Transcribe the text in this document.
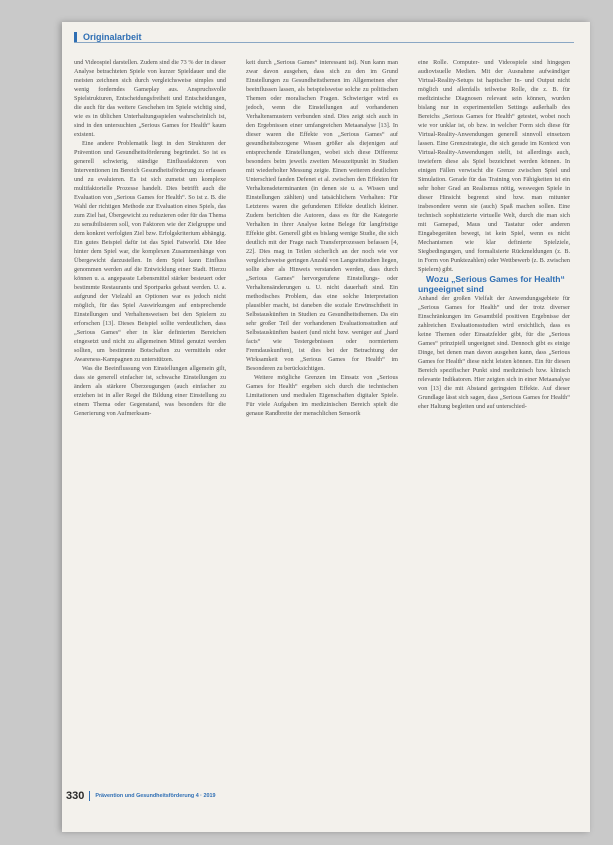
Originalarbeit

und Videospiel darstellen. Zudem sind die 73 % der in dieser Analyse betrachteten Spiele von kurzer Spieldauer und die meisten zeichnen sich durch vergleichsweise simples und wenig forderndes Gameplay aus. Anspruchsvolle Spielstrukturen, Entscheidungsfreiheit und Entscheidungen, die auch für das weitere Geschehen im Spiele wichtig sind, wie es in üblichen Unterhaltungsspielen wahrscheinlich ist, sind in den untersuchten „Serious Games for Health“ kaum existent.

Eine andere Problematik liegt in den Strukturen der Prävention und Gesundheitsförderung begründet. So ist es generell schwierig, ständige Einflussfaktoren von Interventionen im Bereich Gesundheitsförderung zu erfassen und zu evaluieren. Es ist sich zumeist um komplexe multifaktorielle Prozesse handelt. Dies betrifft auch die Evaluation von „Serious Games for Health“. So ist z. B. die Wahl der richtigen Methode zur Evaluation eines Spiels, das zum Ziel hat, Übergewicht zu reduzieren oder für das Thema zu sensibilisieren soll, von Faktoren wie der Zielgruppe und dem konkret verfolgten Ziel bzw. Erfolgskriterium abhängig. Ein gutes Beispiel dafür ist das Spiel Fatworld. Die Idee hinter dem Spiel war, die komplexen Zusammenhänge von Übergewicht darzustellen. In dem Spiel kann Einfluss genommen werden auf die Entwicklung einer Stadt. Hierzu können u. a. angepasste Lebensmittel stärker besteuert oder bestimmte Restaurants und Sportparks gebaut werden. U. a. aufgrund der Vielzahl an Optionen war es jedoch nicht möglich, für das Spiel Auswirkungen auf entsprechende Einstellungen und Verhaltensweisen bei den Spielern zu erforschen [13]. Dieses Beispiel sollte verdeutlichen, dass „Serious Games“ eher in klar definierten Bereichen eingesetzt und nicht zu allgemeinen Mittel genutzt werden sollten, um bestimmte Botschaften zu vermitteln oder Awareness-Kampagnen zu unterstützen.

Was die Beeinflussung von Einstellungen allgemein gilt, dass sie generell einfacher ist, schwache Einstellungen zu ändern als stärkere Überzeugungen (auch einfacher zu erziehen ist in aller Regel die Bildung einer Einstellung zu einem Thema oder Gegenstand, was besonders für die Generierung von Aufmerksam-

keit durch „Serious Games“ interessant ist). Nun kann man zwar davon ausgehen, dass sich zu den im Grund Einstellungen zu Gesundheitsthemen im Allgemeinen eher beeinflussen lassen, als beispielsweise solche zu politischen Themen oder moralischen Fragen. Schwieriger wird es jedoch, wenn die Einstellungen auf vorhandenen Verhaltensmustern verbunden sind. Dies zeigt sich auch in den Ergebnissen einer umfangreichen Metaanalyse [13]. In dieser waren die Effekte von „Serious Games“ auf gesundheitsbezogene Wissen größer als diejenigen auf entsprechende Einstellungen, wobei sich diese Differenz besonders beim jeweils zweiten Messzeitpunkt in Studien mit wiederholter Messung zeigte. Einen weiteren deutlichen Unterschied fanden Defenet et al. zwischen den Effekten für Verhaltensdeterminanten (in denen sie u. a. Wissen und Einstellungen zählten) und tatsächlichem Verhalten: Für Letzteres waren die gefundenen Effekte deutlich kleiner. Zudem berichten die Autoren, dass es für die Kategorie Verhalten in ihrer Analyse keine Belege für langfristige Effekte gibt. Generell gibt es bislang wenige Studie, die sich deutlich mit der Frage nach Transferprozessen befassen [4, 22]. Dies mag in Teilen sicherlich an der noch wie vor vergleichsweise geringen Anzahl von Langzeitstudien liegen, sollte aber als Hinweis verstanden werden, dass durch „Serious Games“ hervorgerufene Einstellungs- oder Verhaltensänderungen u. U. nicht dauerhaft sind. Ein methodisches Problem, das eine solche Interpretation plausibler macht, ist daneben die soziale Erwünschtheit in Selbstauskünften in Studien zu Gesundheitsthemen. Da ein sehr großer Teil der vorhandenen Evaluationsstudien auf Selbstauskünften basiert (und nicht bzw. weniger auf „hard facts“ wie Testergebnissen oder normiertem Fremdauskunften), ist dies bei der Betrachtung der Wirksamkeit von „Serious Games for Health“ im Besonderen zu berücksichtigen.

Weitere mögliche Grenzen im Einsatz von „Serious Games for Health“ ergeben sich durch die technischen Limitationen und medialen Eigenschaften digitaler Spiele. Für viele Aufgaben im medizinischen Bereich spielt die genaue Randbreite der menschlichen Sensorik

eine Rolle. Computer- und Videospiele sind hingegen audiovisuelle Medien. Mit der Ausnahme aufwändiger Virtual-Reality-Setups ist haptischer In- und Output nicht möglich und allenfalls teilweise Rolle, die z. B. für medizinische Diagnosen relevant sein können, wurden bislang nur in experimentellen Settings außerhalb des Bereichs „Serious Games for Health“ getestet, wobei noch wie vor unklar ist, ob bzw. in welcher Form sich diese für Virtual-Reality-Anwendungen generell sinnvoll einsetzen lassen. Eine Grenzstrategie, die sich gerade im Kontext von Virtual-Reality-Anwendungen stellt, ist allerdings auch, inwiefern diese als Spiel bezeichnet werden können. In einigen Fällen verwischt die Grenze zwischen Spiel und Simulation. Gerade für das Training von Fähigkeiten ist ein sehr hoher Grad an Realismus nötig, weswegen Spiele in dieser Hinsicht begrenzt sind bzw. man mitunter insbesondere wenn sie (auch) Spaß machen sollen. Eine technisch sophistizierte virtuelle Welt, durch die man sich mit Gamepad, Maus und Tastatur oder anderen Eingabegeräten bewegt, ist kein Spiel, wenn es nicht Mechanismen wie klar definierte Spielziele, Siegbedingungen, und formalisierte Rückmeldungen (z. B. in Form von Punktezahlen) oder Wettbewerb (z. B. zwischen Spielern) gibt.

Wozu „Serious Games for Health“ ungeeignet sind

Anhand der großen Vielfalt der Anwendungsgebiete für „Serious Games for Health“ und der trotz diverser Einschränkungen im Gesamtbild positiven Ergebnisse der zahlreichen Evaluationsstudien wird ersichtlich, dass es keine Themen oder Einsatzfelder gibt, für die „Serious Games“ prinzipiell ungeeignet sind. Dennoch gibt es einige Dinge, bei denen man davon ausgehen kann, dass „Serious Games for Health“ diese nicht leisten können. Ein für diesen Bereich spezifischer Punkt sind medizinisch bzw. klinisch relevante Indikatoren. Hier zeigten sich in einer Metaanalyse von [13] die mit Abstand geringsten Effekte. Auf dieser Grundlage lässt sich sagen, dass „Serious Games for Health“ eher Haltung begleiten und auf unterschied-

330 Prävention und Gesundheitsförderung 4 · 2019
